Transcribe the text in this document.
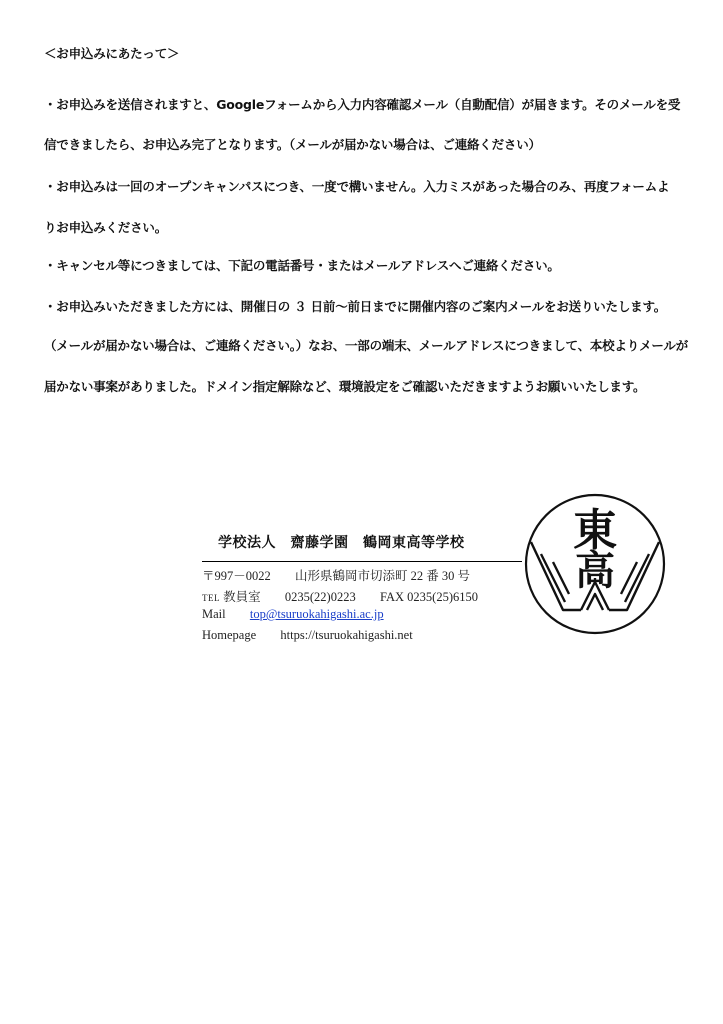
＜お申込みにあたって＞
・お申込みを送信されますと、Googleフォームから入力内容確認メール（自動配信）が届きます。そのメールを受
信できましたら、お申込み完了となります。（メールが届かない場合は、ご連絡ください）
・お申込みは一回のオープンキャンパスにつき、一度で構いません。入力ミスがあった場合のみ、再度フォームよ
りお申込みください。
・キャンセル等につきましては、下記の電話番号・またはメールアドレスへご連絡ください。
・お申込みいただきました方には、開催日の ３ 日前～前日までに開催内容のご案内メールをお送りいたします。
（メールが届かない場合は、ご連絡ください。）なお、一部の端末、メールアドレスにつきまして、本校よりメールが
届かない事案がありました。ドメイン指定解除など、環境設定をご確認いただきますようお願いいたします。
学校法人　齋藤学園　鶴岡東高等学校
〒997－0022 山形県鶴岡市切添町 22 番 30 号
TEL 教員室 0235(22)0223 FAX 0235(25)6150
Mail top@tsuruokahigashi.ac.jp
Homepage https://tsuruokahigashi.net
東
高
